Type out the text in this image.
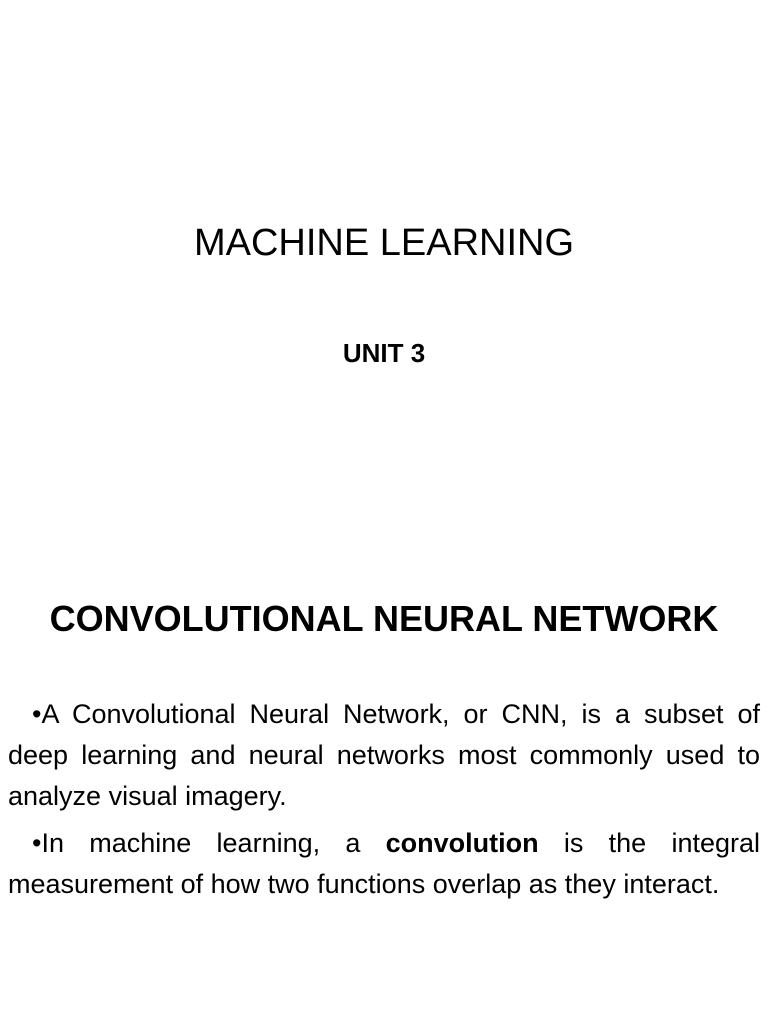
MACHINE LEARNING
UNIT 3
CONVOLUTIONAL NEURAL NETWORK

•A Convolutional Neural Network, or CNN, is a subset of deep learning and neural networks most commonly used to analyze visual imagery.

•In machine learning, a convolution is the integral measurement of how two functions overlap as they interact.
